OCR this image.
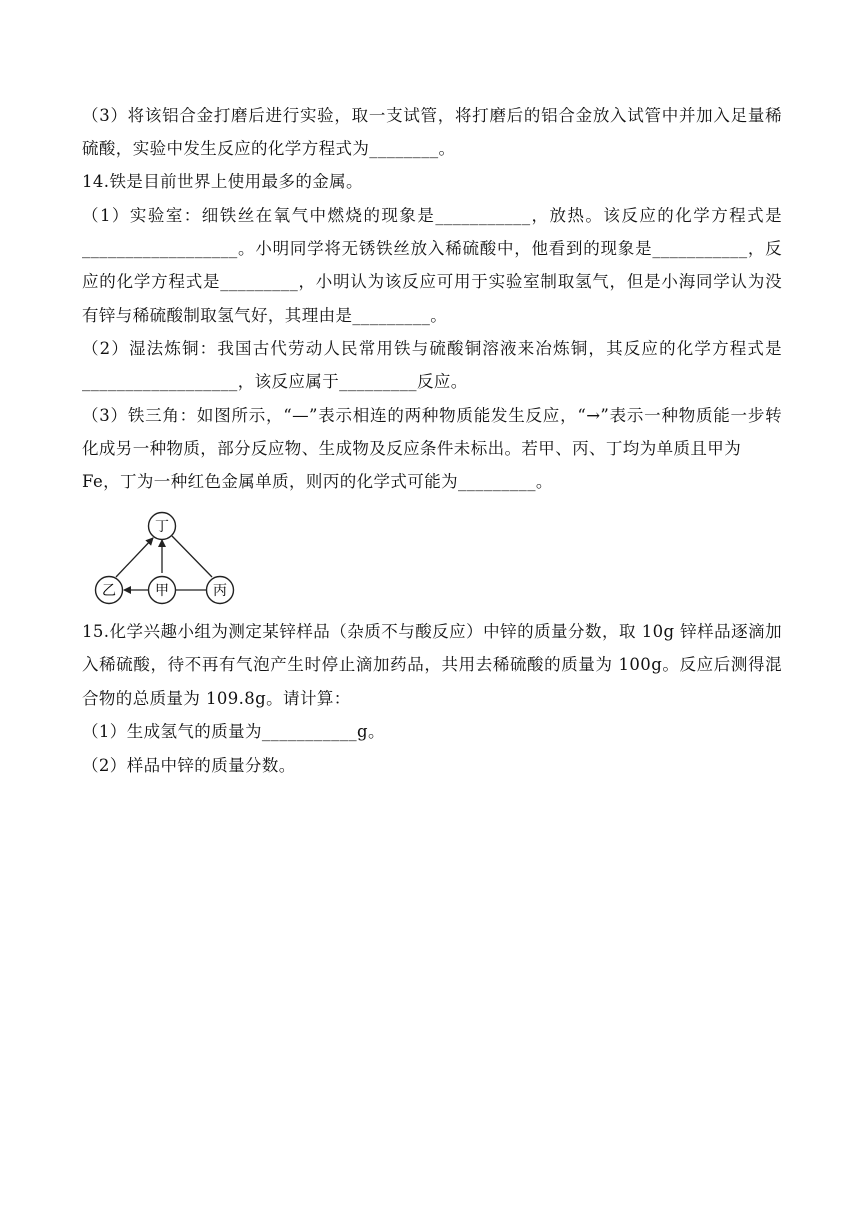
（3）将该铝合金打磨后进行实验，取一支试管，将打磨后的铝合金放入试管中并加入足量稀
硫酸，实验中发生反应的化学方程式为________。
14.铁是目前世界上使用最多的金属。
（1）实验室：细铁丝在氧气中燃烧的现象是___________，放热。该反应的化学方程式是
__________________。小明同学将无锈铁丝放入稀硫酸中，他看到的现象是___________，反
应的化学方程式是_________，小明认为该反应可用于实验室制取氢气，但是小海同学认为没
有锌与稀硫酸制取氢气好，其理由是_________。
（2）湿法炼铜：我国古代劳动人民常用铁与硫酸铜溶液来冶炼铜，其反应的化学方程式是
__________________，该反应属于_________反应。
（3）铁三角：如图所示，“—”表示相连的两种物质能发生反应，“→”表示一种物质能一步转
化成另一种物质，部分反应物、生成物及反应条件未标出。若甲、丙、丁均为单质且甲为
Fe，丁为一种红色金属单质，则丙的化学式可能为_________。
丁
乙	甲	丙
15.化学兴趣小组为测定某锌样品（杂质不与酸反应）中锌的质量分数，取 10g 锌样品逐滴加
入稀硫酸，待不再有气泡产生时停止滴加药品，共用去稀硫酸的质量为 100g。反应后测得混
合物的总质量为 109.8g。请计算：
（1）生成氢气的质量为___________g。
（2）样品中锌的质量分数。
